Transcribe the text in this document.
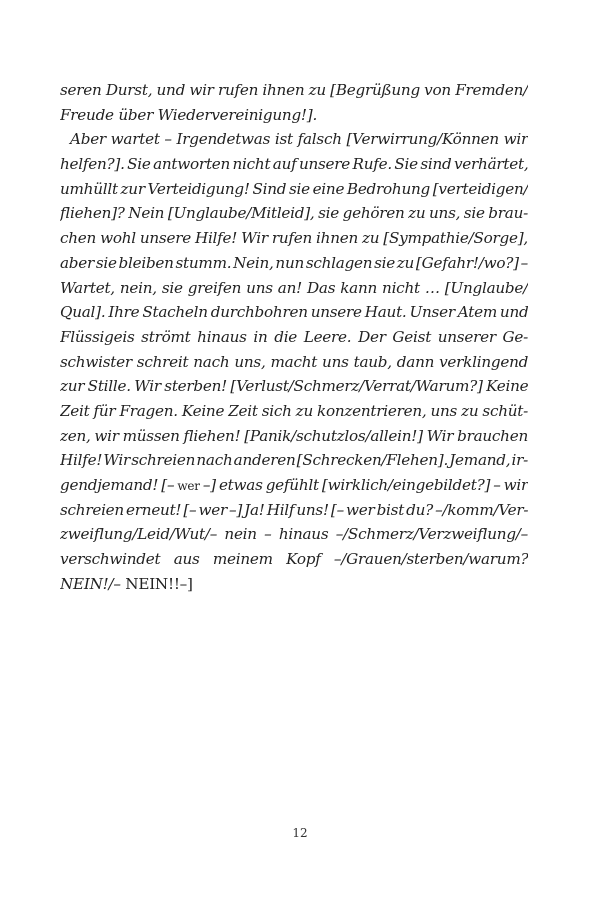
seren Durst, und wir rufen ihnen zu [Begrüßung von Fremden/
Freude über Wiedervereinigung!].
Aber wartet – Irgendetwas ist falsch [Verwirrung/Können wir
helfen?]. Sie antworten nicht auf unsere Rufe. Sie sind verhärtet,
umhüllt zur Verteidigung! Sind sie eine Bedrohung [verteidigen/
fliehen]? Nein [Unglaube/Mitleid], sie gehören zu uns, sie brau-
chen wohl unsere Hilfe! Wir rufen ihnen zu [Sympathie/Sorge],
aber sie bleiben stumm. Nein, nun schlagen sie zu [Gefahr!/wo?] –
Wartet, nein, sie greifen uns an! Das kann nicht … [Unglaube/
Qual]. Ihre Stacheln durchbohren unsere Haut. Unser Atem und
Flüssigeis strömt hinaus in die Leere. Der Geist unserer Ge-
schwister schreit nach uns, macht uns taub, dann verklingend
zur Stille. Wir sterben! [Verlust/Schmerz/Verrat/Warum?] Keine
Zeit für Fragen. Keine Zeit sich zu konzentrieren, uns zu schüt-
zen, wir müssen fliehen! [Panik/schutzlos/allein!] Wir brauchen
Hilfe! Wir schreien nach anderen [Schrecken/Flehen]. Jemand, ir-
gendjemand! [– wer –] etwas gefühlt [wirklich/eingebildet?] – wir
schreien erneut! [– wer –] Ja! Hilf uns! [– wer bist du? –/komm/Ver-
zweiflung/Leid/Wut/– nein – hinaus –/Schmerz/Verzweiflung/–
verschwindet aus meinem Kopf –/Grauen/sterben/warum?
NEIN!/– NEIN!!–]
12
